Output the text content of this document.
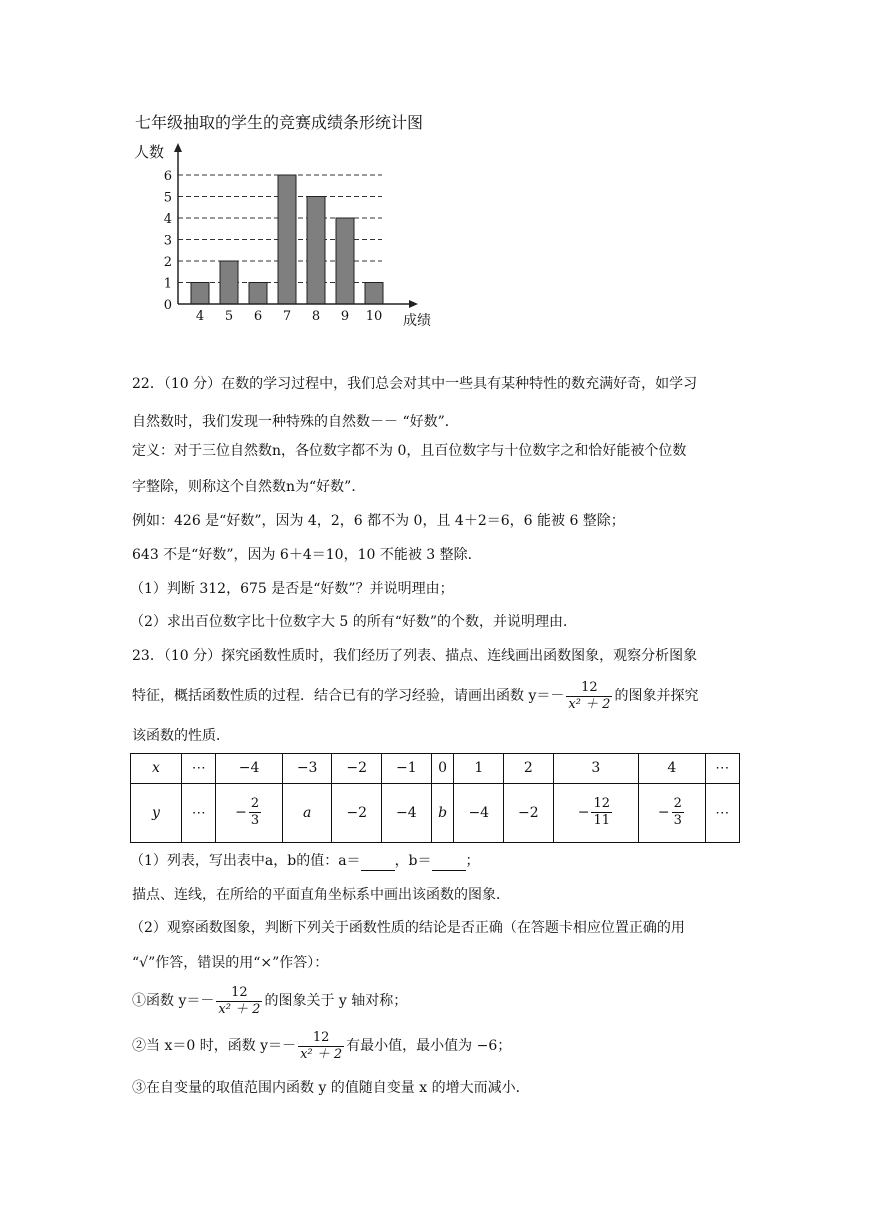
七年级抽取的学生的竞赛成绩条形统计图
0
1
2
3
4
5
6
4 5 6 7 8 9 10
人数
成绩
22．（10 分）在数的学习过程中，我们总会对其中一些具有某种特性的数充满好奇，如学习
自然数时，我们发现一种特殊的自然数－－ “好数”．
定义：对于三位自然数n，各位数字都不为 0，且百位数字与十位数字之和恰好能被个位数
字整除，则称这个自然数n为“好数”．
例如：426 是“好数”，因为 4，2，6 都不为 0，且 4＋2＝6，6 能被 6 整除；
643 不是“好数”，因为 6＋4＝10，10 不能被 3 整除．
（1）判断 312，675 是否是“好数”？并说明理由；
（2）求出百位数字比十位数字大 5 的所有“好数”的个数，并说明理由．
23．（10 分）探究函数性质时，我们经历了列表、描点、连线画出函数图象，观察分析图象
特征，概括函数性质的过程．结合已有的学习经验，请画出函数 $y=- \frac{12}{\text{x² ＋ 2}}$ 的图象并探究
该函数的性质．
x	⋯	−4	−3	−2	−1	0	1	2	3	4	⋯
y	⋯	− $\frac{2}{3}$	a	−2	−4	b	−4	−2	− $\frac{12}{11}$	− $\frac{2}{3}$	⋯
（1）列表，写出表中a，b的值：a＝ ，b＝ ；
描点、连线，在所给的平面直角坐标系中画出该函数的图象．
（2）观察函数图象，判断下列关于函数性质的结论是否正确（在答题卡相应位置正确的用
“√”作答，错误的用“×”作答）：
①函数 $y=- \frac{12}{\text{x² ＋ 2}}$ 的图象关于 y 轴对称；
②当 x＝0 时，函数 $y=- \frac{12}{\text{x² ＋ 2}}$ 有最小值，最小值为 −6；
③在自变量的取值范围内函数 y 的值随自变量 x 的增大而减小．
